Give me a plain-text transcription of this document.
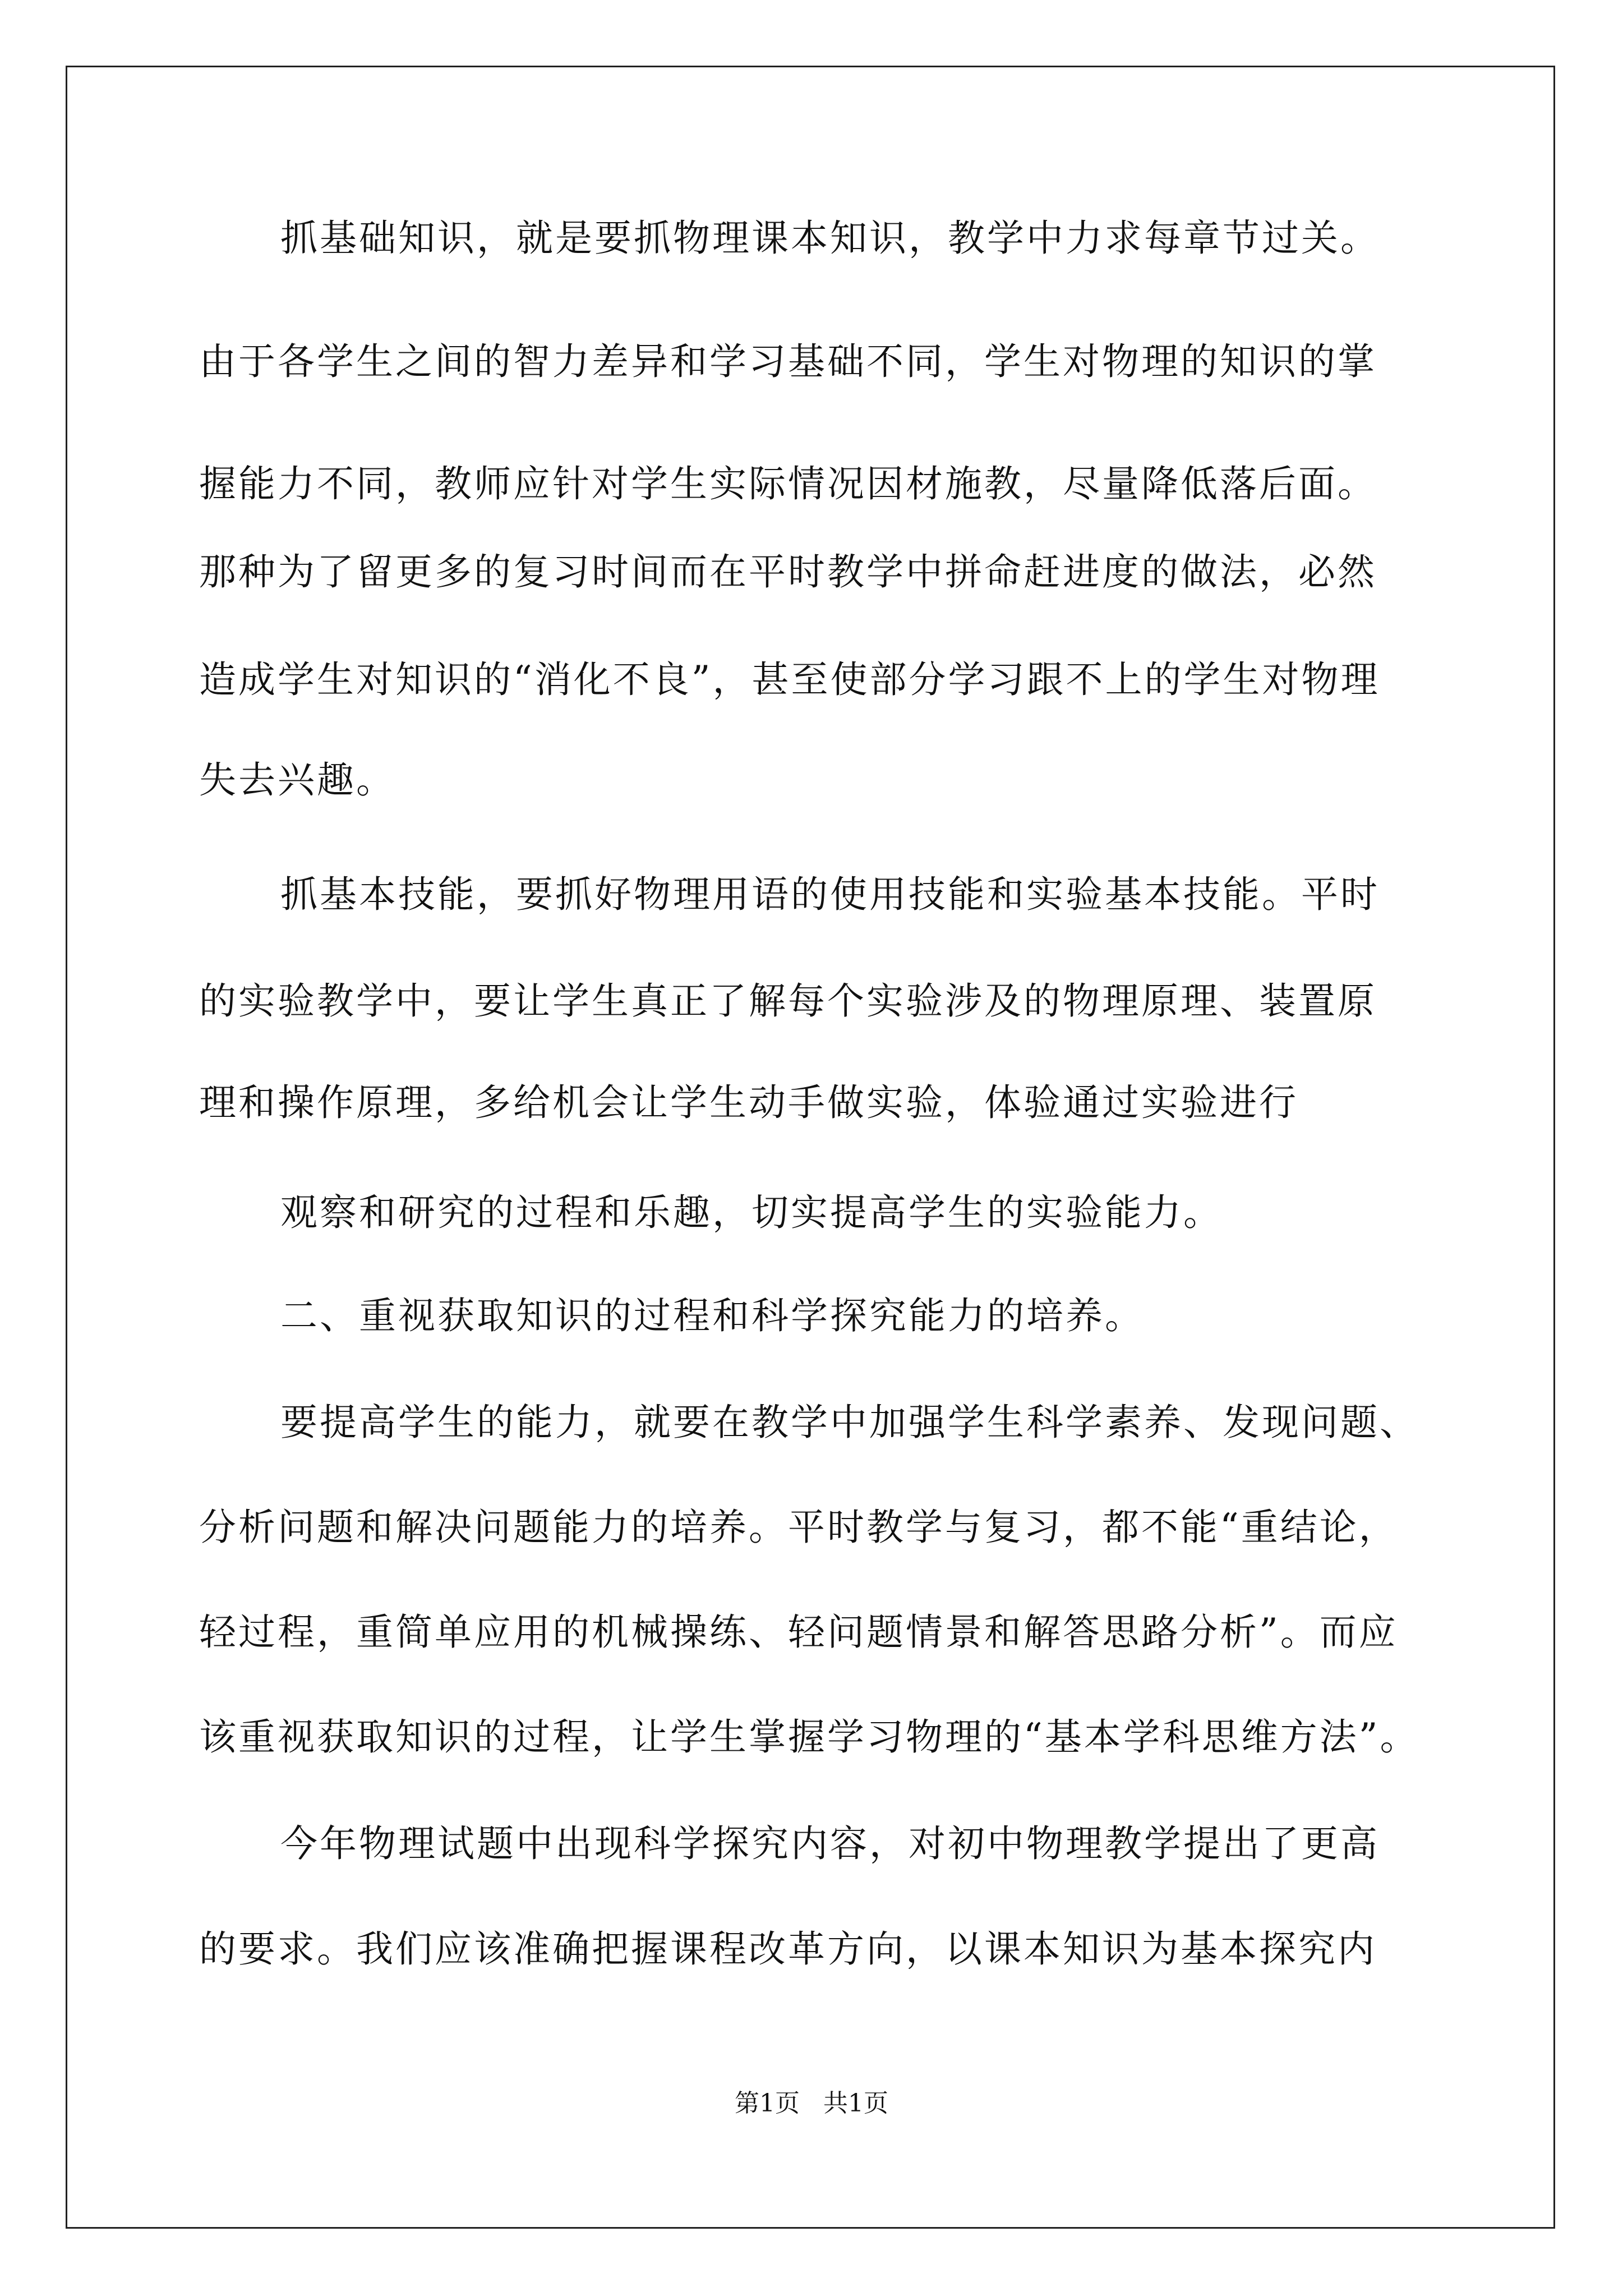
抓基础知识，就是要抓物理课本知识，教学中力求每章节过关。
由于各学生之间的智力差异和学习基础不同，学生对物理的知识的掌
握能力不同，教师应针对学生实际情况因材施教，尽量降低落后面。
那种为了留更多的复习时间而在平时教学中拼命赶进度的做法，必然
造成学生对知识的“消化不良”，甚至使部分学习跟不上的学生对物理
失去兴趣。
抓基本技能，要抓好物理用语的使用技能和实验基本技能。平时
的实验教学中，要让学生真正了解每个实验涉及的物理原理、装置原
理和操作原理，多给机会让学生动手做实验，体验通过实验进行
观察和研究的过程和乐趣，切实提高学生的实验能力。
二、重视获取知识的过程和科学探究能力的培养。
要提高学生的能力，就要在教学中加强学生科学素养、发现问题、
分析问题和解决问题能力的培养。平时教学与复习，都不能“重结论，
轻过程，重简单应用的机械操练、轻问题情景和解答思路分析”。而应
该重视获取知识的过程，让学生掌握学习物理的“基本学科思维方法”。
今年物理试题中出现科学探究内容，对初中物理教学提出了更高
的要求。我们应该准确把握课程改革方向，以课本知识为基本探究内
第1页   共1页
